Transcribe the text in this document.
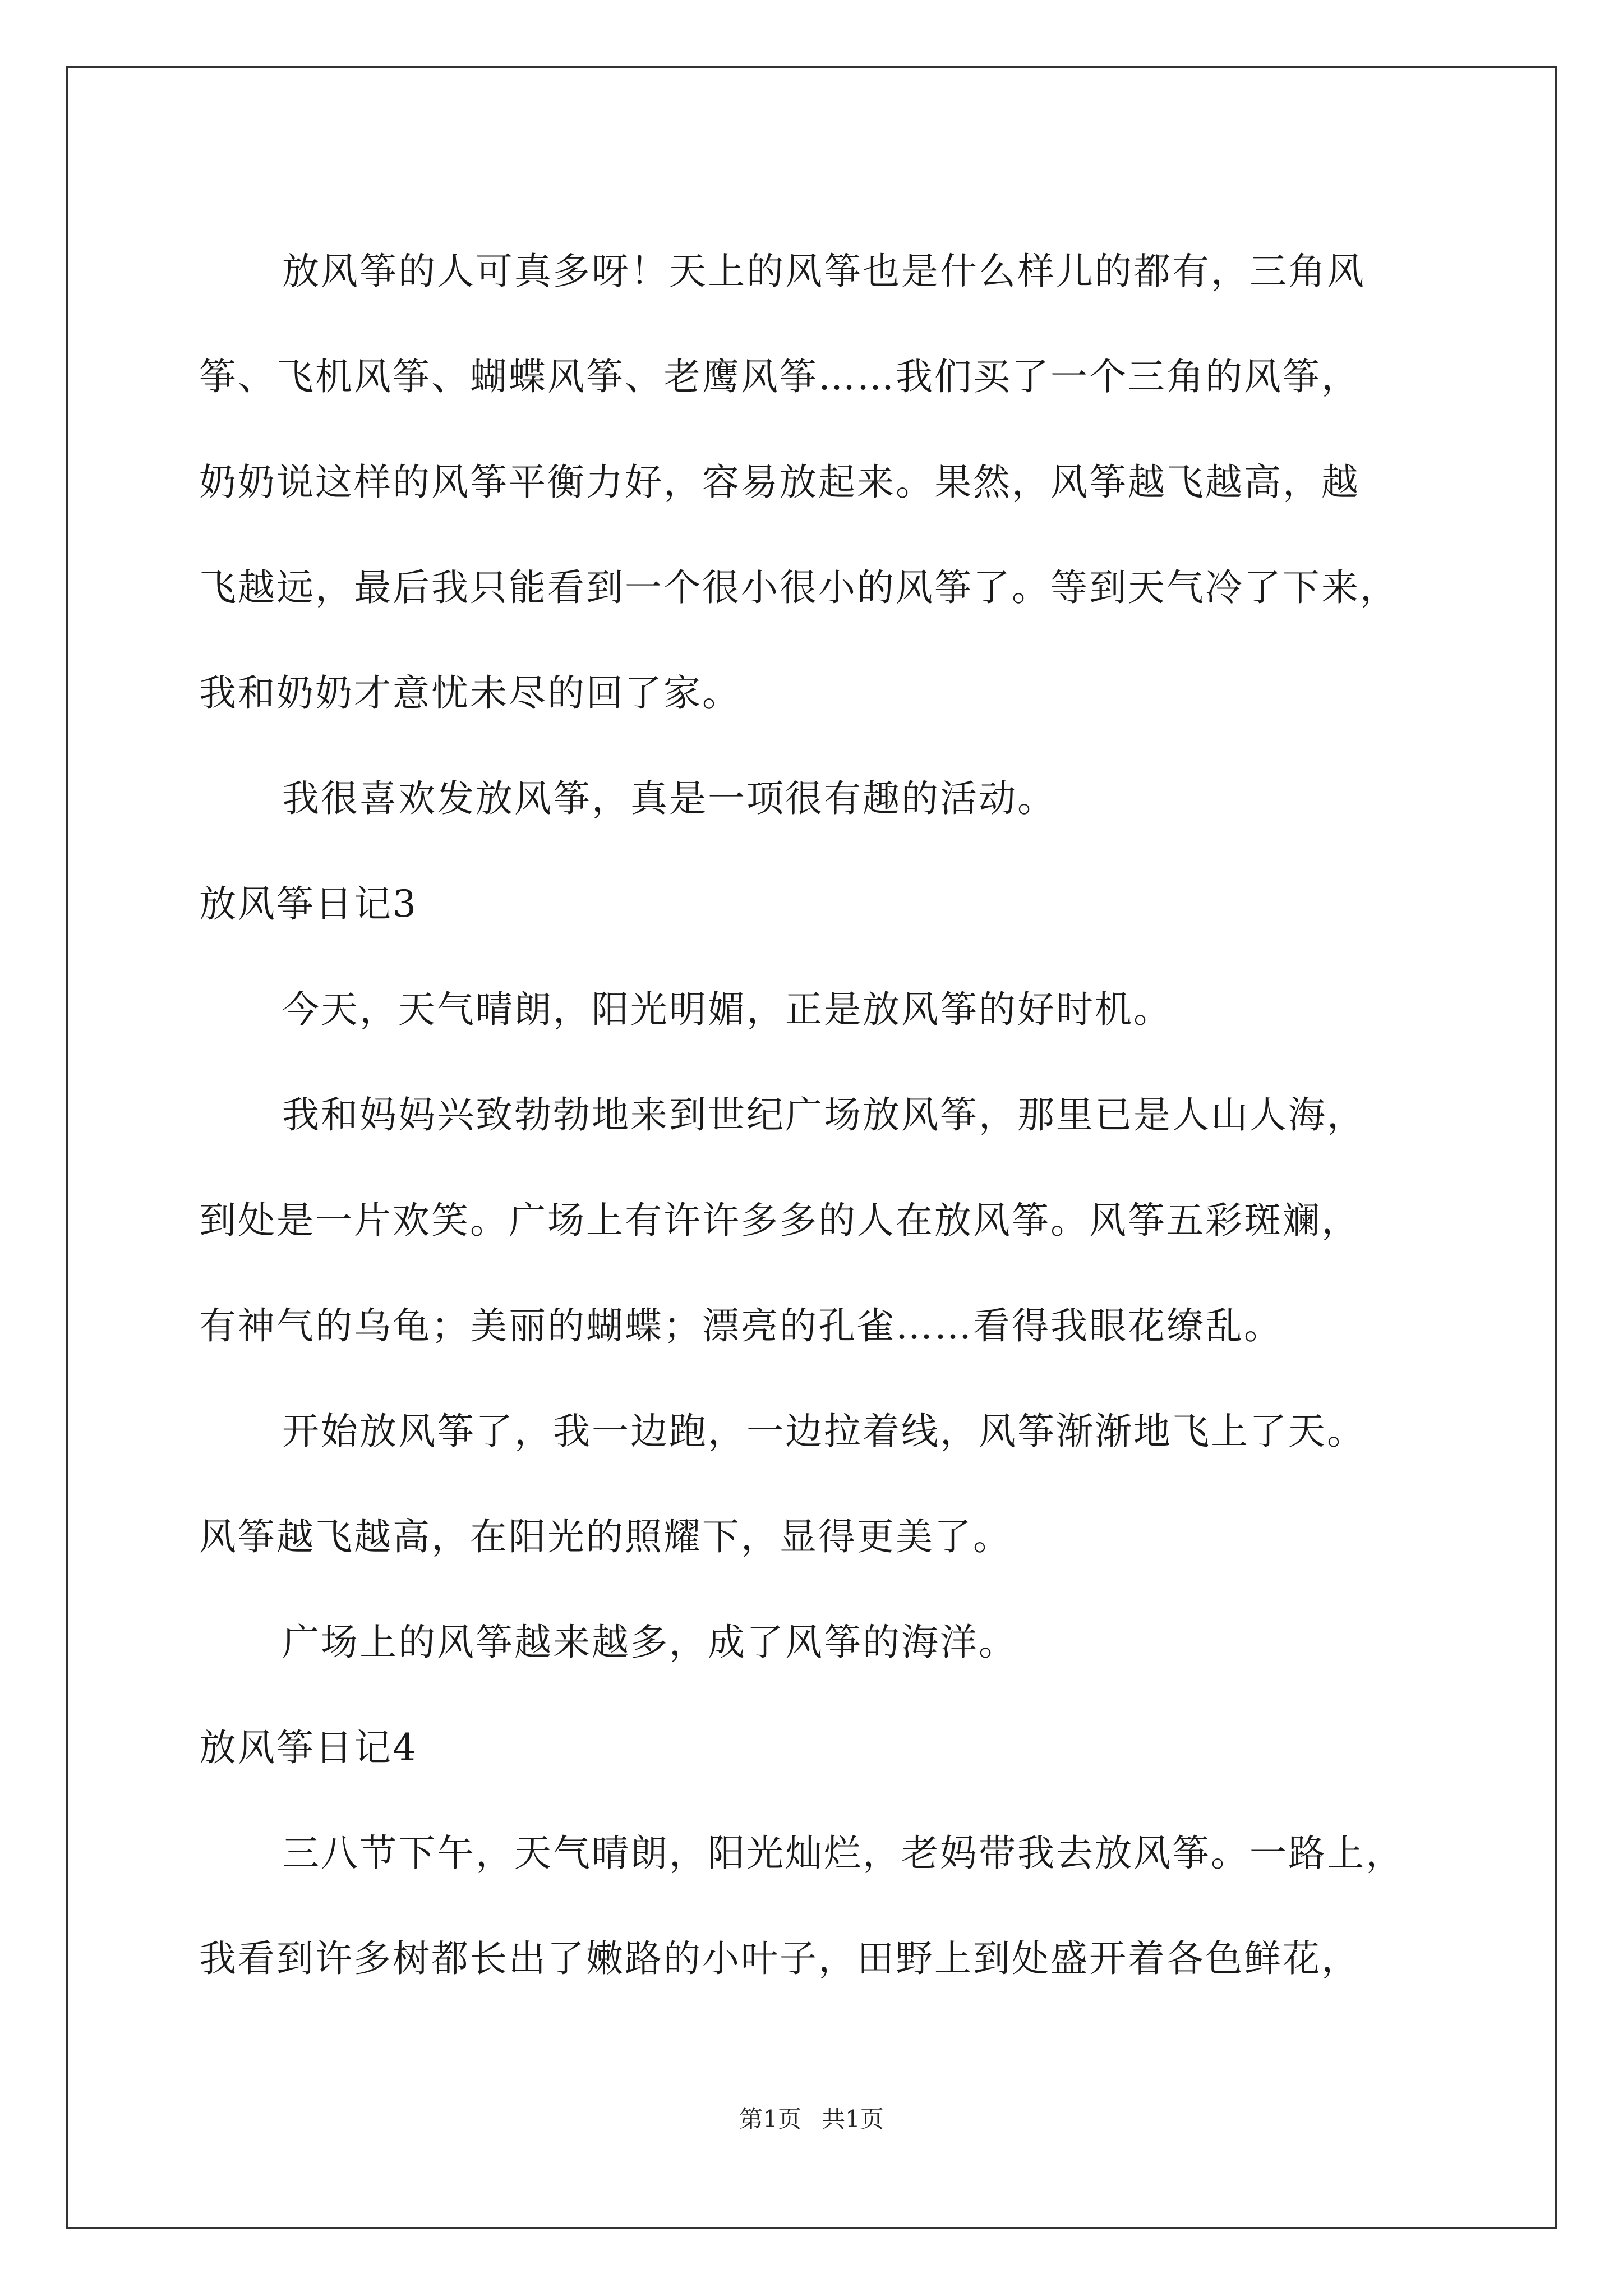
放风筝的人可真多呀！天上的风筝也是什么样儿的都有，三角风
筝、飞机风筝、蝴蝶风筝、老鹰风筝……我们买了一个三角的风筝，
奶奶说这样的风筝平衡力好，容易放起来。果然，风筝越飞越高，越
飞越远，最后我只能看到一个很小很小的风筝了。等到天气冷了下来，
我和奶奶才意忧未尽的回了家。
我很喜欢发放风筝，真是一项很有趣的活动。
放风筝日记3
今天，天气晴朗，阳光明媚，正是放风筝的好时机。
我和妈妈兴致勃勃地来到世纪广场放风筝，那里已是人山人海，
到处是一片欢笑。广场上有许许多多的人在放风筝。风筝五彩斑斓，
有神气的乌龟；美丽的蝴蝶；漂亮的孔雀……看得我眼花缭乱。
开始放风筝了，我一边跑，一边拉着线，风筝渐渐地飞上了天。
风筝越飞越高，在阳光的照耀下，显得更美了。
广场上的风筝越来越多，成了风筝的海洋。
放风筝日记4
三八节下午，天气晴朗，阳光灿烂，老妈带我去放风筝。一路上，
我看到许多树都长出了嫩路的小叶子，田野上到处盛开着各色鲜花，
第1页 共1页
